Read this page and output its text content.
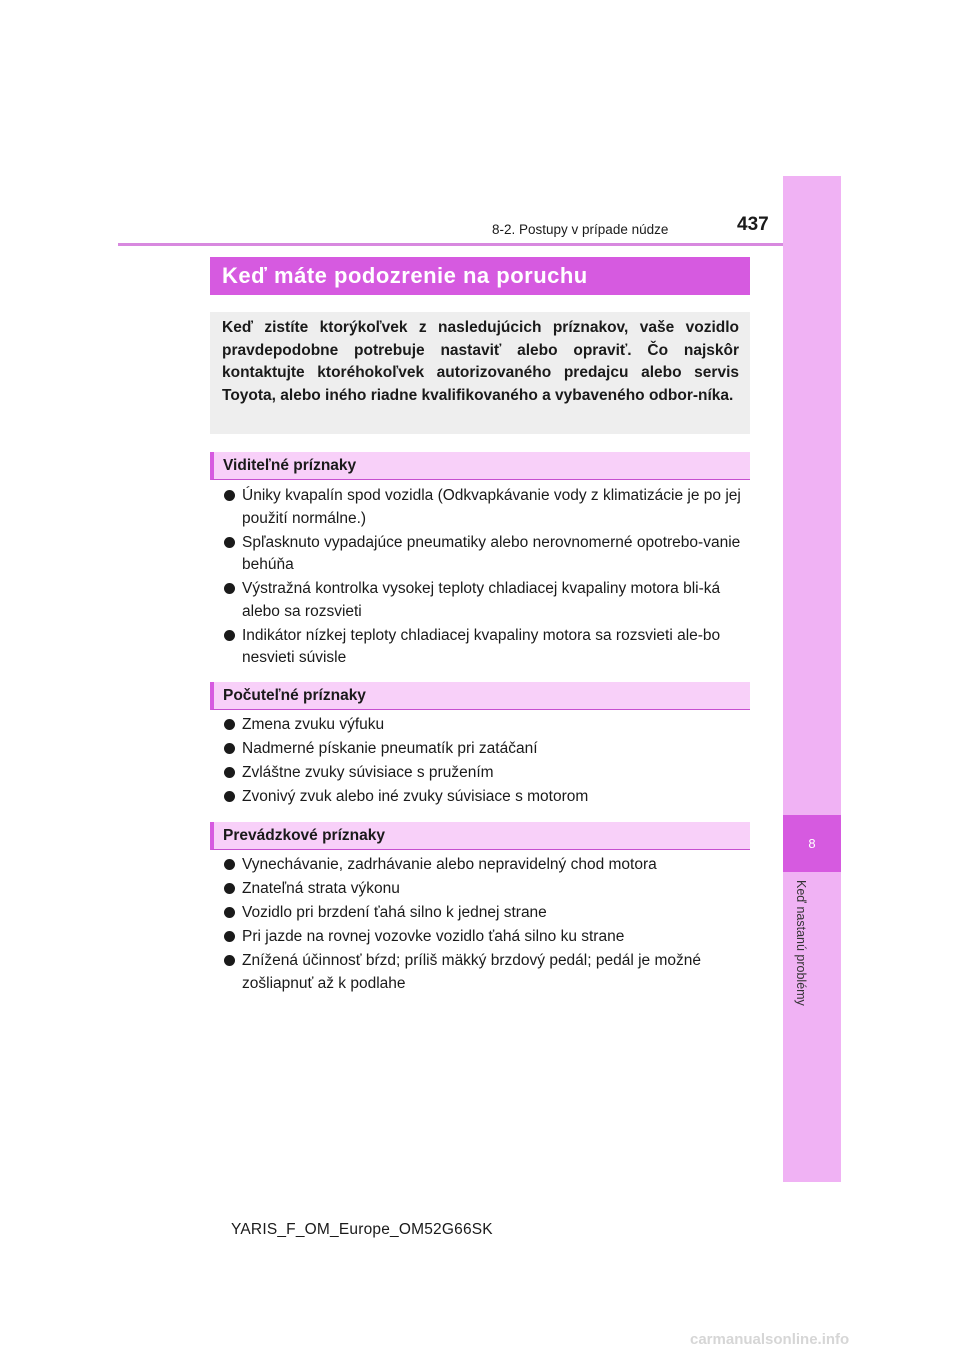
8
Keď nastanú problémy
8-2. Postupy v prípade núdze	437
Keď máte podozrenie na poruchu
Keď zistíte ktorýkoľvek z nasledujúcich príznakov, vaše vozidlo pravdepodobne potrebuje nastaviť alebo opraviť. Čo najskôr kontaktujte ktoréhokoľvek autorizovaného predajcu alebo servis Toyota, alebo iného riadne kvalifikovaného a vybaveného odbor-níka.
Viditeľné príznaky
Úniky kvapalín spod vozidla (Odkvapkávanie vody z klimatizácie je po jej použití normálne.)
Spľasknuto vypadajúce pneumatiky alebo nerovnomerné opotrebo-vanie behúňa
Výstražná kontrolka vysokej teploty chladiacej kvapaliny motora bli-ká alebo sa rozsvieti
Indikátor nízkej teploty chladiacej kvapaliny motora sa rozsvieti ale-bo nesvieti súvisle
Počuteľné príznaky
Zmena zvuku výfuku
Nadmerné pískanie pneumatík pri zatáčaní
Zvláštne zvuky súvisiace s pružením
Zvonivý zvuk alebo iné zvuky súvisiace s motorom
Prevádzkové príznaky
Vynechávanie, zadrhávanie alebo nepravidelný chod motora
Znateľná strata výkonu
Vozidlo pri brzdení ťahá silno k jednej strane
Pri jazde na rovnej vozovke vozidlo ťahá silno ku strane
Znížená účinnosť bŕzd; príliš mäkký brzdový pedál; pedál je možné zošliapnuť až k podlahe
YARIS_F_OM_Europe_OM52G66SK
carmanualsonline.info
